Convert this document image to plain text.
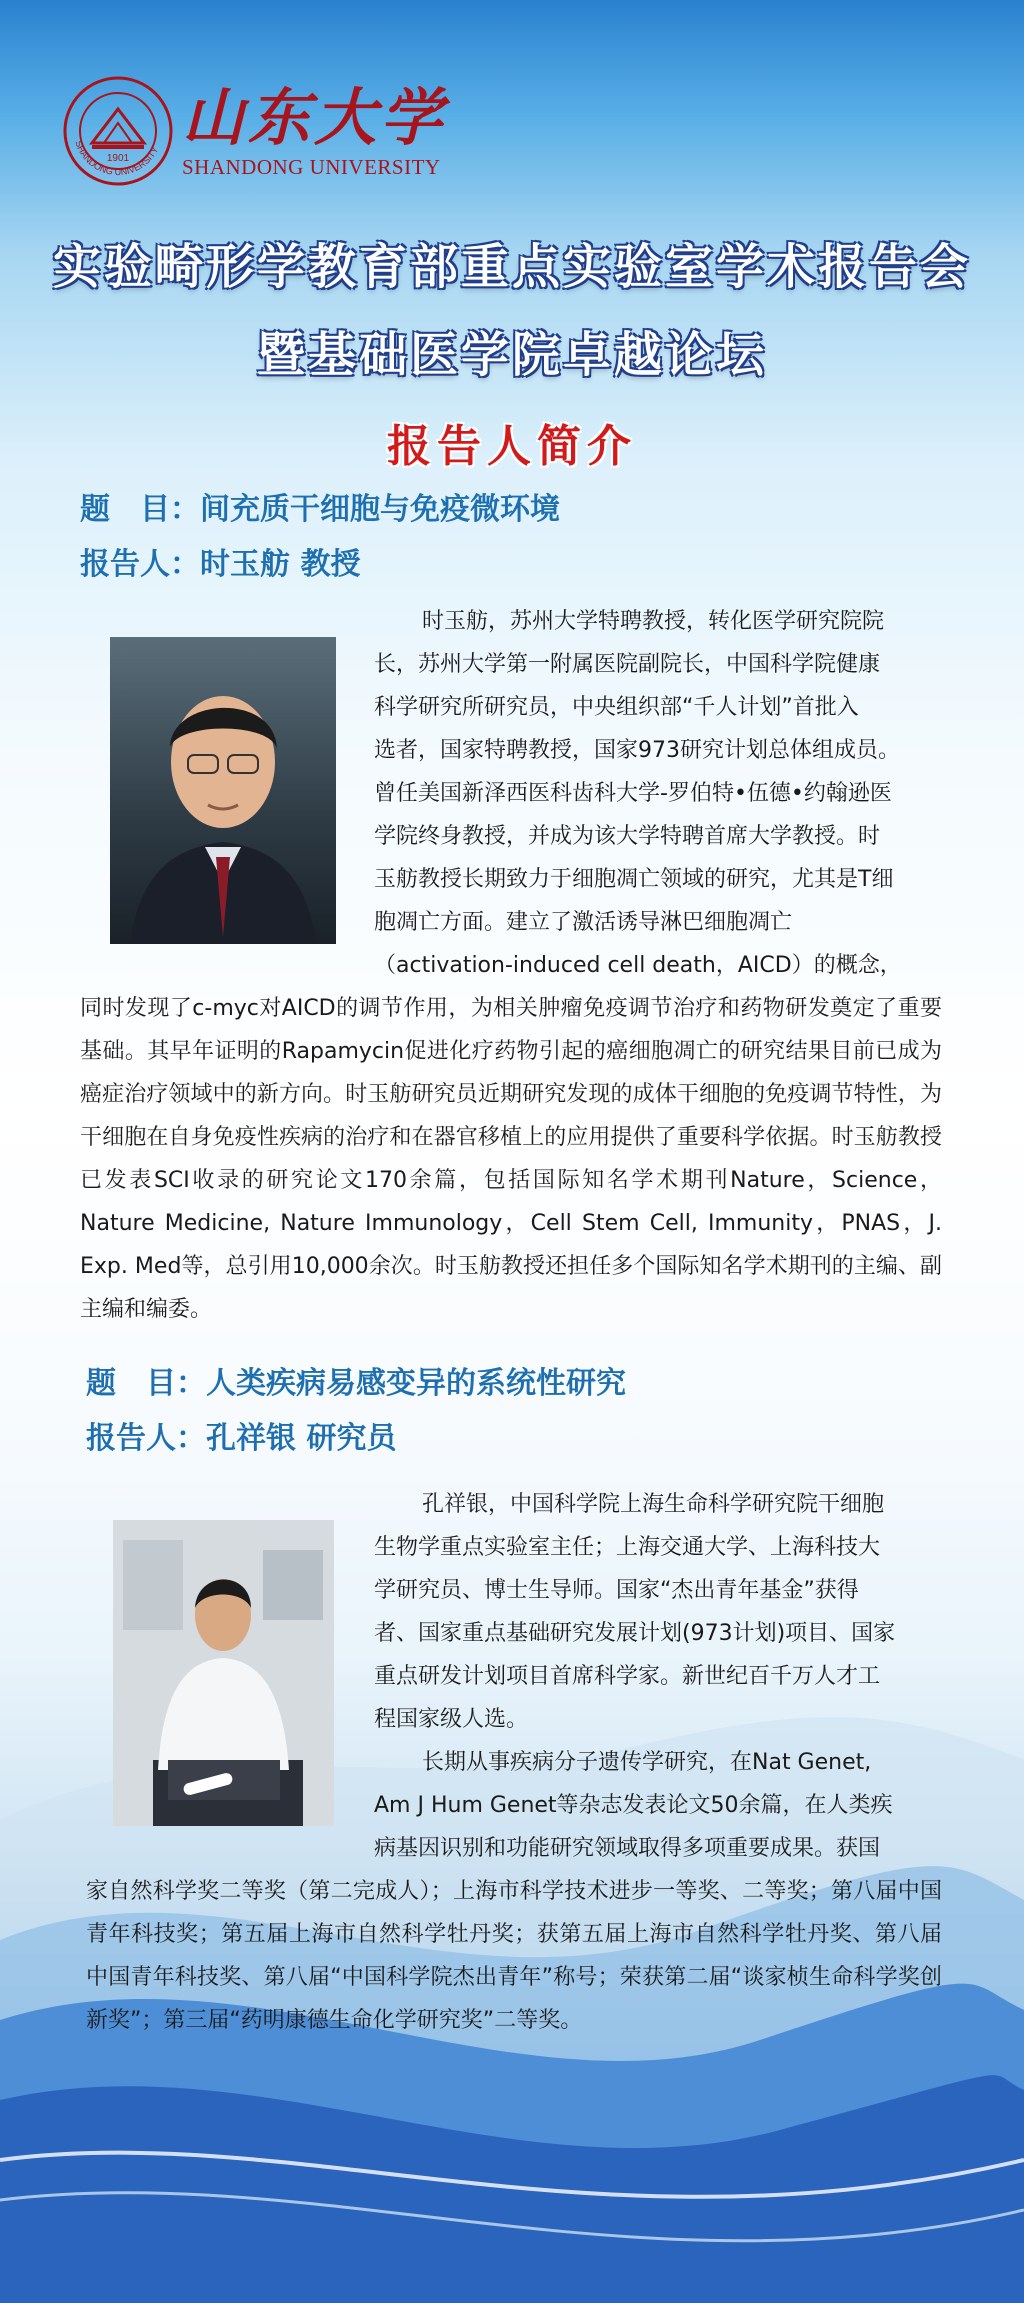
1901
SHANDONG UNIVERSITY 山东大学
SHANDONG UNIVERSITY
实验畸形学教育部重点实验室学术报告会
暨基础医学院卓越论坛
报告人简介
题　目：间充质干细胞与免疫微环境
报告人：时玉舫 教授
时玉舫，苏州大学特聘教授，转化医学研究院院
长，苏州大学第一附属医院副院长，中国科学院健康
科学研究所研究员，中央组织部“千人计划”首批入
选者，国家特聘教授，国家973研究计划总体组成员。
曾任美国新泽西医科齿科大学-罗伯特•伍德•约翰逊医
学院终身教授，并成为该大学特聘首席大学教授。时
玉舫教授长期致力于细胞凋亡领域的研究，尤其是T细
胞凋亡方面。建立了激活诱导淋巴细胞凋亡
（activation-induced cell death，AICD）的概念，
同时发现了c-myc对AICD的调节作用，为相关肿瘤免疫调节治疗和药物研发奠定了重要基础。其早年证明的Rapamycin促进化疗药物引起的癌细胞凋亡的研究结果目前已成为癌症治疗领域中的新方向。时玉舫研究员近期研究发现的成体干细胞的免疫调节特性，为干细胞在自身免疫性疾病的治疗和在器官移植上的应用提供了重要科学依据。时玉舫教授已发表SCI收录的研究论文170余篇，包括国际知名学术期刊Nature，Science，Nature Medicine, Nature Immunology，Cell Stem Cell, Immunity，PNAS，J. Exp. Med等，总引用10,000余次。时玉舫教授还担任多个国际知名学术期刊的主编、副主编和编委。
题　目：人类疾病易感变异的系统性研究
报告人：孔祥银 研究员
孔祥银，中国科学院上海生命科学研究院干细胞
生物学重点实验室主任；上海交通大学、上海科技大
学研究员、博士生导师。国家“杰出青年基金”获得
者、国家重点基础研究发展计划(973计划)项目、国家
重点研发计划项目首席科学家。新世纪百千万人才工
程国家级人选。
长期从事疾病分子遗传学研究，在Nat Genet,
Am J Hum Genet等杂志发表论文50余篇，在人类疾
病基因识别和功能研究领域取得多项重要成果。获国
家自然科学奖二等奖（第二完成人）；上海市科学技术进步一等奖、二等奖；第八届中国青年科技奖；第五届上海市自然科学牡丹奖；获第五届上海市自然科学牡丹奖、第八届中国青年科技奖、第八届“中国科学院杰出青年”称号；荣获第二届“谈家桢生命科学奖创新奖”；第三届“药明康德生命化学研究奖”二等奖。
